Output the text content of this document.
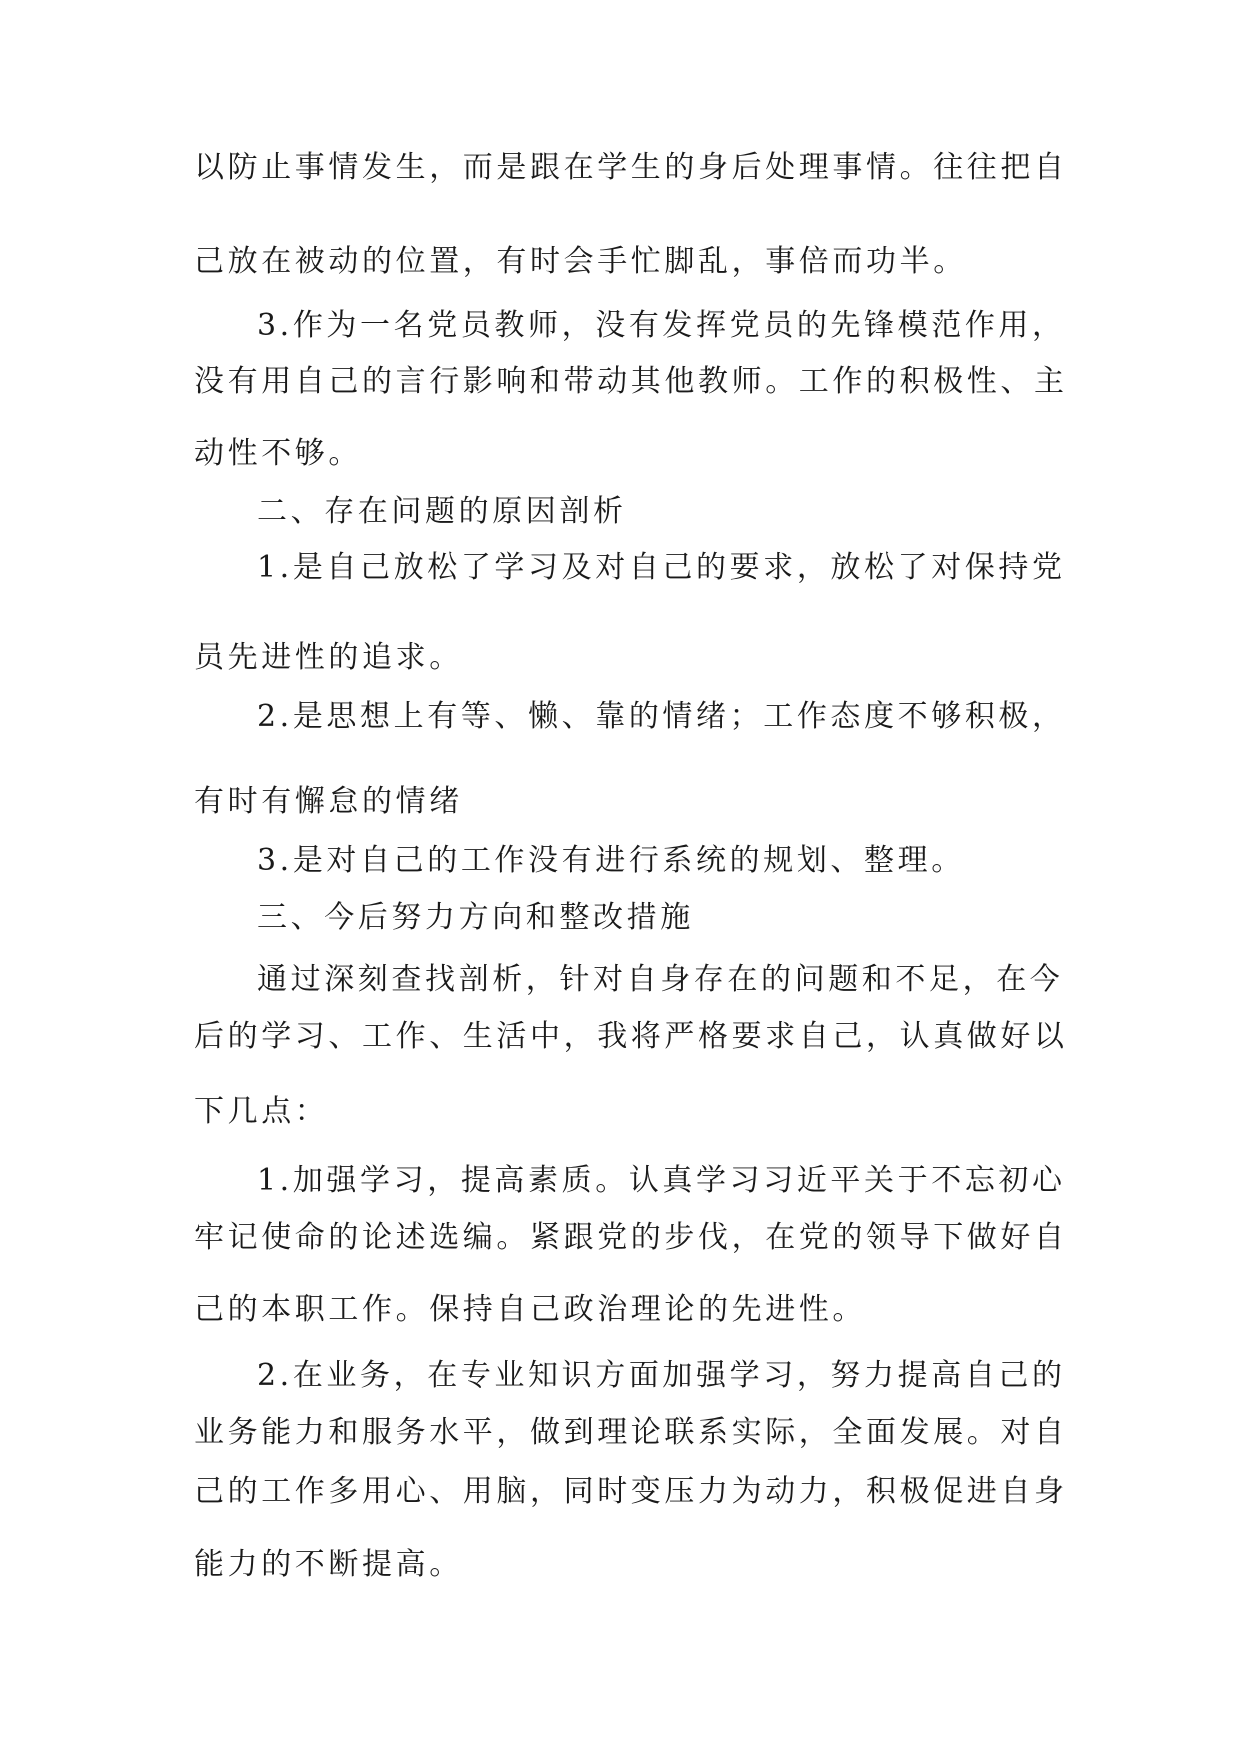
以防止事情发生，而是跟在学生的身后处理事情。往往把自
己放在被动的位置，有时会手忙脚乱，事倍而功半。
3.作为一名党员教师，没有发挥党员的先锋模范作用，
没有用自己的言行影响和带动其他教师。工作的积极性、主
动性不够。
二、存在问题的原因剖析
1.是自己放松了学习及对自己的要求，放松了对保持党
员先进性的追求。
2.是思想上有等、懒、靠的情绪；工作态度不够积极，
有时有懈怠的情绪
3.是对自己的工作没有进行系统的规划、整理。
三、今后努力方向和整改措施
通过深刻查找剖析，针对自身存在的问题和不足，在今
后的学习、工作、生活中，我将严格要求自己，认真做好以
下几点：
1.加强学习，提高素质。认真学习习近平关于不忘初心
牢记使命的论述选编。紧跟党的步伐，在党的领导下做好自
己的本职工作。保持自己政治理论的先进性。
2.在业务，在专业知识方面加强学习，努力提高自己的
业务能力和服务水平，做到理论联系实际，全面发展。对自
己的工作多用心、用脑，同时变压力为动力，积极促进自身
能力的不断提高。
